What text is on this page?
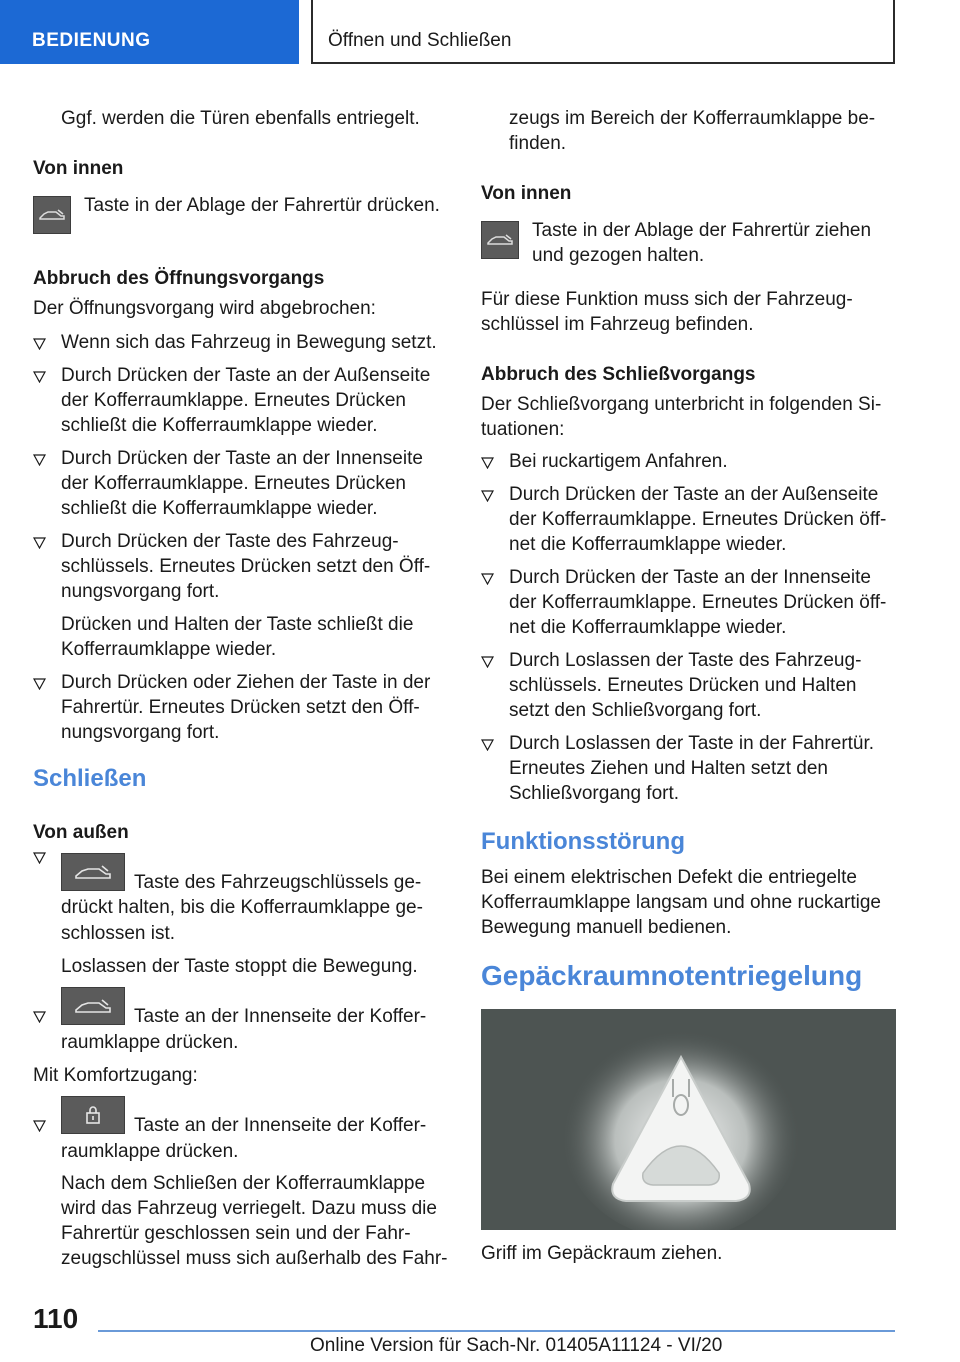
BEDIENUNG	Öffnen und Schließen
Ggf. werden die Türen ebenfalls entriegelt.
Von innen
Taste in der Ablage der Fahrertür drücken.
Abbruch des Öffnungsvorgangs
Der Öffnungsvorgang wird abgebrochen:
Wenn sich das Fahrzeug in Bewegung setzt.
Durch Drücken der Taste an der Außenseite
der Kofferraumklappe. Erneutes Drücken
schließt die Kofferraumklappe wieder.
Durch Drücken der Taste an der Innenseite
der Kofferraumklappe. Erneutes Drücken
schließt die Kofferraumklappe wieder.
Durch Drücken der Taste des Fahrzeug-
schlüssels. Erneutes Drücken setzt den Öff-
nungsvorgang fort.
Drücken und Halten der Taste schließt die
Kofferraumklappe wieder.
Durch Drücken oder Ziehen der Taste in der
Fahrertür. Erneutes Drücken setzt den Öff-
nungsvorgang fort.
Schließen
Von außen
Taste des Fahrzeugschlüssels ge-
drückt halten, bis die Kofferraumklappe ge-
schlossen ist.
Loslassen der Taste stoppt die Bewegung.
Taste an der Innenseite der Koffer-
raumklappe drücken.
Mit Komfortzugang:
Taste an der Innenseite der Koffer-
raumklappe drücken.
Nach dem Schließen der Kofferraumklappe
wird das Fahrzeug verriegelt. Dazu muss die
Fahrertür geschlossen sein und der Fahr-
zeugschlüssel muss sich außerhalb des Fahr-
zeugs im Bereich der Kofferraumklappe be-
finden.
Von innen
Taste in der Ablage der Fahrertür ziehen
und gezogen halten.
Für diese Funktion muss sich der Fahrzeug-
schlüssel im Fahrzeug befinden.
Abbruch des Schließvorgangs
Der Schließvorgang unterbricht in folgenden Si-
tuationen:
Bei ruckartigem Anfahren.
Durch Drücken der Taste an der Außenseite
der Kofferraumklappe. Erneutes Drücken öff-
net die Kofferraumklappe wieder.
Durch Drücken der Taste an der Innenseite
der Kofferraumklappe. Erneutes Drücken öff-
net die Kofferraumklappe wieder.
Durch Loslassen der Taste des Fahrzeug-
schlüssels. Erneutes Drücken und Halten
setzt den Schließvorgang fort.
Durch Loslassen der Taste in der Fahrertür.
Erneutes Ziehen und Halten setzt den
Schließvorgang fort.
Funktionsstörung
Bei einem elektrischen Defekt die entriegelte
Kofferraumklappe langsam und ohne ruckartige
Bewegung manuell bedienen.
Gepäckraumnotentriegelung
Griff im Gepäckraum ziehen.
110
Online Version für Sach-Nr. 01405A11124 - VI/20
